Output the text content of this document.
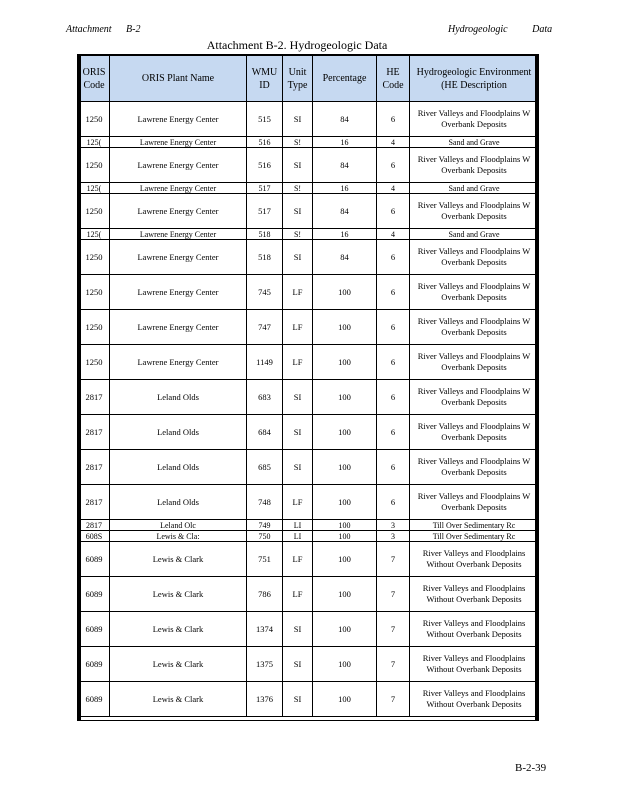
Attachment B-2	Hydrogeologic Data
Attachment B-2. Hydrogeologic Data
ORIS Code	ORIS Plant Name	WMU ID	Unit Type	Percentage	HE Code	Hydrogeologic Environment (HE Description
1250	Lawrene Energy Center	515	SI	84	6	River Valleys and Floodplains W Overbank Deposits
125(	Lawrene Energy Center	516	S!	16	4	Sand and Grave
1250	Lawrene Energy Center	516	SI	84	6	River Valleys and Floodplains W Overbank Deposits
125(	Lawrene Energy Center	517	S!	16	4	Sand and Grave
1250	Lawrene Energy Center	517	SI	84	6	River Valleys and Floodplains W Overbank Deposits
125(	Lawrene Energy Center	518	S!	16	4	Sand and Grave
1250	Lawrene Energy Center	518	SI	84	6	River Valleys and Floodplains W Overbank Deposits
1250	Lawrene Energy Center	745	LF	100	6	River Valleys and Floodplains W Overbank Deposits
1250	Lawrene Energy Center	747	LF	100	6	River Valleys and Floodplains W Overbank Deposits
1250	Lawrene Energy Center	1149	LF	100	6	River Valleys and Floodplains W Overbank Deposits
2817	Leland Olds	683	SI	100	6	River Valleys and Floodplains W Overbank Deposits
2817	Leland Olds	684	SI	100	6	River Valleys and Floodplains W Overbank Deposits
2817	Leland Olds	685	SI	100	6	River Valleys and Floodplains W Overbank Deposits
2817	Leland Olds	748	LF	100	6	River Valleys and Floodplains W Overbank Deposits
2817	Leland Olc	749	LI	100	3	Till Over Sedimentary Rc
608S	Lewis & Cla:	750	LI	100	3	Till Over Sedimentary Rc
6089	Lewis & Clark	751	LF	100	7	River Valleys and Floodplains Without Overbank Deposits
6089	Lewis & Clark	786	LF	100	7	River Valleys and Floodplains Without Overbank Deposits
6089	Lewis & Clark	1374	SI	100	7	River Valleys and Floodplains Without Overbank Deposits
6089	Lewis & Clark	1375	SI	100	7	River Valleys and Floodplains Without Overbank Deposits
6089	Lewis & Clark	1376	SI	100	7	River Valleys and Floodplains Without Overbank Deposits
B-2-39
